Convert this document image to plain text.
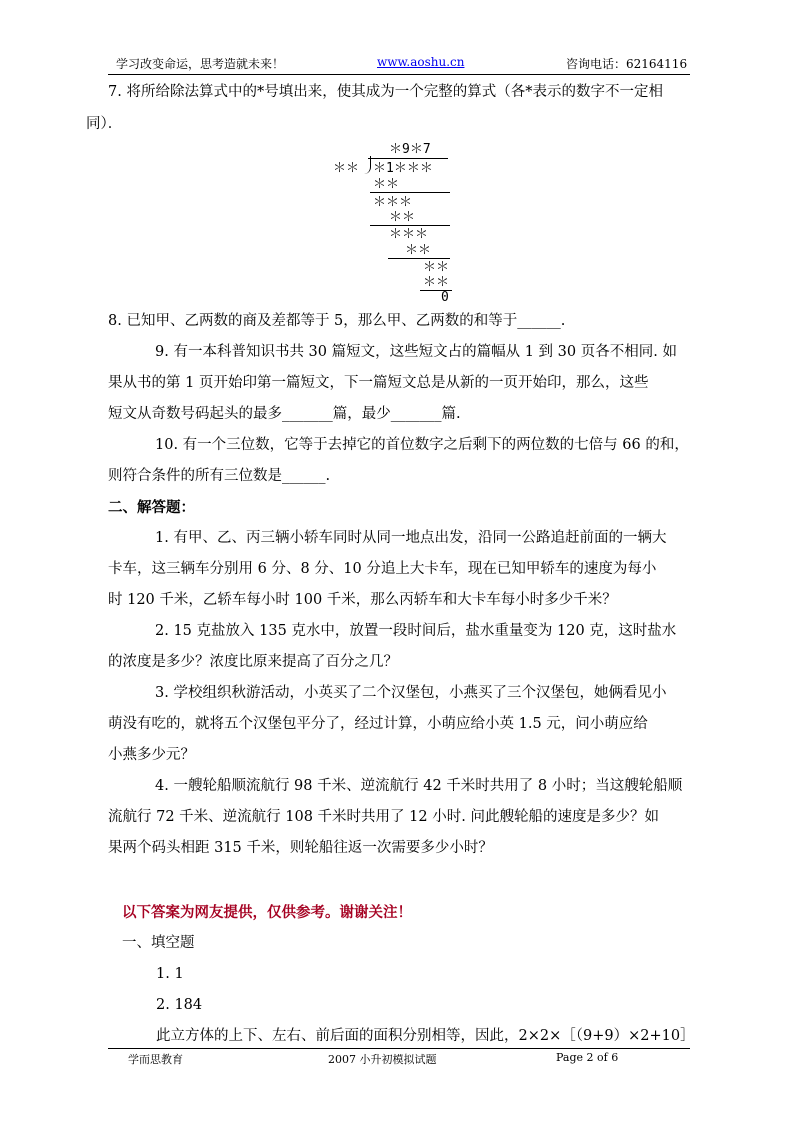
学习改变命运，思考造就未来！	www.aoshu.cn	咨询电话：62164116
7. 将所给除法算式中的*号填出来，使其成为一个完整的算式（各*表示的数字不一定相
同）．
＊9＊7
＊＊ ＊1＊＊＊
＊＊
＊＊＊
＊＊
＊＊＊
＊＊
＊＊
＊＊
0
8. 已知甲、乙两数的商及差都等于 5，那么甲、乙两数的和等于______.
9. 有一本科普知识书共 30 篇短文，这些短文占的篇幅从 1 到 30 页各不相同. 如
果从书的第 1 页开始印第一篇短文，下一篇短文总是从新的一页开始印，那么，这些
短文从奇数号码起头的最多_______篇，最少_______篇.
10. 有一个三位数，它等于去掉它的首位数字之后剩下的两位数的七倍与 66 的和，
则符合条件的所有三位数是______.
二、解答题：
1. 有甲、乙、丙三辆小轿车同时从同一地点出发，沿同一公路追赶前面的一辆大
卡车，这三辆车分别用 6 分、8 分、10 分追上大卡车，现在已知甲轿车的速度为每小
时 120 千米，乙轿车每小时 100 千米，那么丙轿车和大卡车每小时多少千米？
2. 15 克盐放入 135 克水中，放置一段时间后，盐水重量变为 120 克，这时盐水
的浓度是多少？浓度比原来提高了百分之几？
3. 学校组织秋游活动，小英买了二个汉堡包，小燕买了三个汉堡包，她俩看见小
萌没有吃的，就将五个汉堡包平分了，经过计算，小萌应给小英 1.5 元，问小萌应给
小燕多少元？
4. 一艘轮船顺流航行 98 千米、逆流航行 42 千米时共用了 8 小时；当这艘轮船顺
流航行 72 千米、逆流航行 108 千米时共用了 12 小时. 问此艘轮船的速度是多少？如
果两个码头相距 315 千米，则轮船往返一次需要多少小时？
以下答案为网友提供，仅供参考。谢谢关注！
一、填空题
1. 1
2. 184
此立方体的上下、左右、前后面的面积分别相等，因此，2×2×［（9+9）×2+10］
学而思教育	2007 小升初模拟试题	Page 2 of 6
